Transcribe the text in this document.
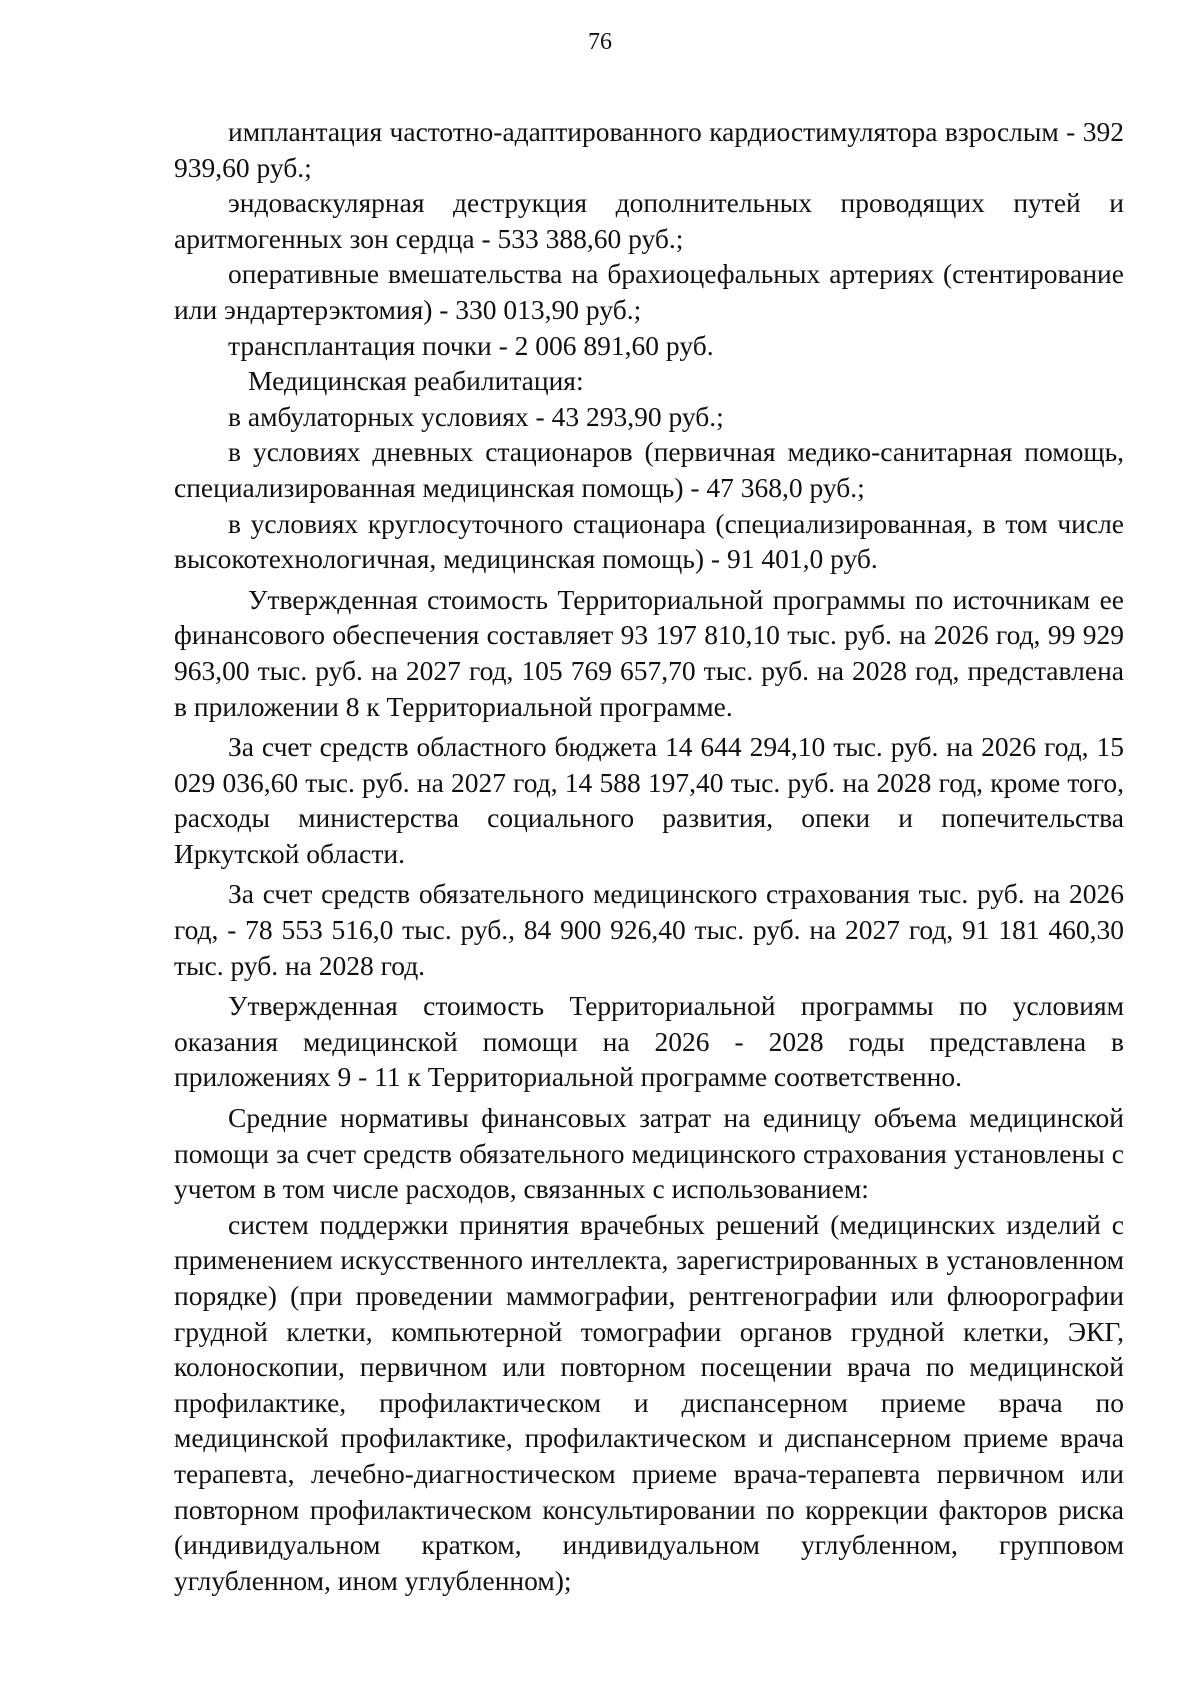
76

имплантация частотно-адаптированного кардиостимулятора взрослым - 392 939,60 руб.;

эндоваскулярная деструкция дополнительных проводящих путей и аритмогенных зон сердца - 533 388,60 руб.;

оперативные вмешательства на брахиоцефальных артериях (стентирование или эндартерэктомия) - 330 013,90 руб.;

трансплантация почки - 2 006 891,60 руб.

Медицинская реабилитация:

в амбулаторных условиях - 43 293,90 руб.;

в условиях дневных стационаров (первичная медико-санитарная помощь, специализированная медицинская помощь) - 47 368,0 руб.;

в условиях круглосуточного стационара (специализированная, в том числе высокотехнологичная, медицинская помощь) - 91 401,0 руб.

Утвержденная стоимость Территориальной программы по источникам ее финансового обеспечения составляет 93 197 810,10 тыс. руб. на 2026 год, 99 929 963,00 тыс. руб. на 2027 год, 105 769 657,70 тыс. руб. на 2028 год, представлена в приложении 8 к Территориальной программе.

За счет средств областного бюджета 14 644 294,10 тыс. руб. на 2026 год, 15 029 036,60 тыс. руб. на 2027 год, 14 588 197,40 тыс. руб. на 2028 год, кроме того, расходы министерства социального развития, опеки и попечительства Иркутской области.

За счет средств обязательного медицинского страхования тыс. руб. на 2026 год, - 78 553 516,0 тыс. руб., 84 900 926,40 тыс. руб. на 2027 год, 91 181 460,30 тыс. руб. на 2028 год.

Утвержденная стоимость Территориальной программы по условиям оказания медицинской помощи на 2026 - 2028 годы представлена в приложениях 9 - 11 к Территориальной программе соответственно.

Средние нормативы финансовых затрат на единицу объема медицинской помощи за счет средств обязательного медицинского страхования установлены с учетом в том числе расходов, связанных с использованием:

систем поддержки принятия врачебных решений (медицинских изделий с применением искусственного интеллекта, зарегистрированных в установленном порядке) (при проведении маммографии, рентгенографии или флюорографии грудной клетки, компьютерной томографии органов грудной клетки, ЭКГ, колоноскопии, первичном или повторном посещении врача по медицинской профилактике, профилактическом и диспансерном приеме врача по медицинской профилактике, профилактическом и диспансерном приеме врача терапевта, лечебно-диагностическом приеме врача-терапевта первичном или повторном профилактическом консультировании по коррекции факторов риска (индивидуальном кратком, индивидуальном углубленном, групповом углубленном, ином углубленном);
